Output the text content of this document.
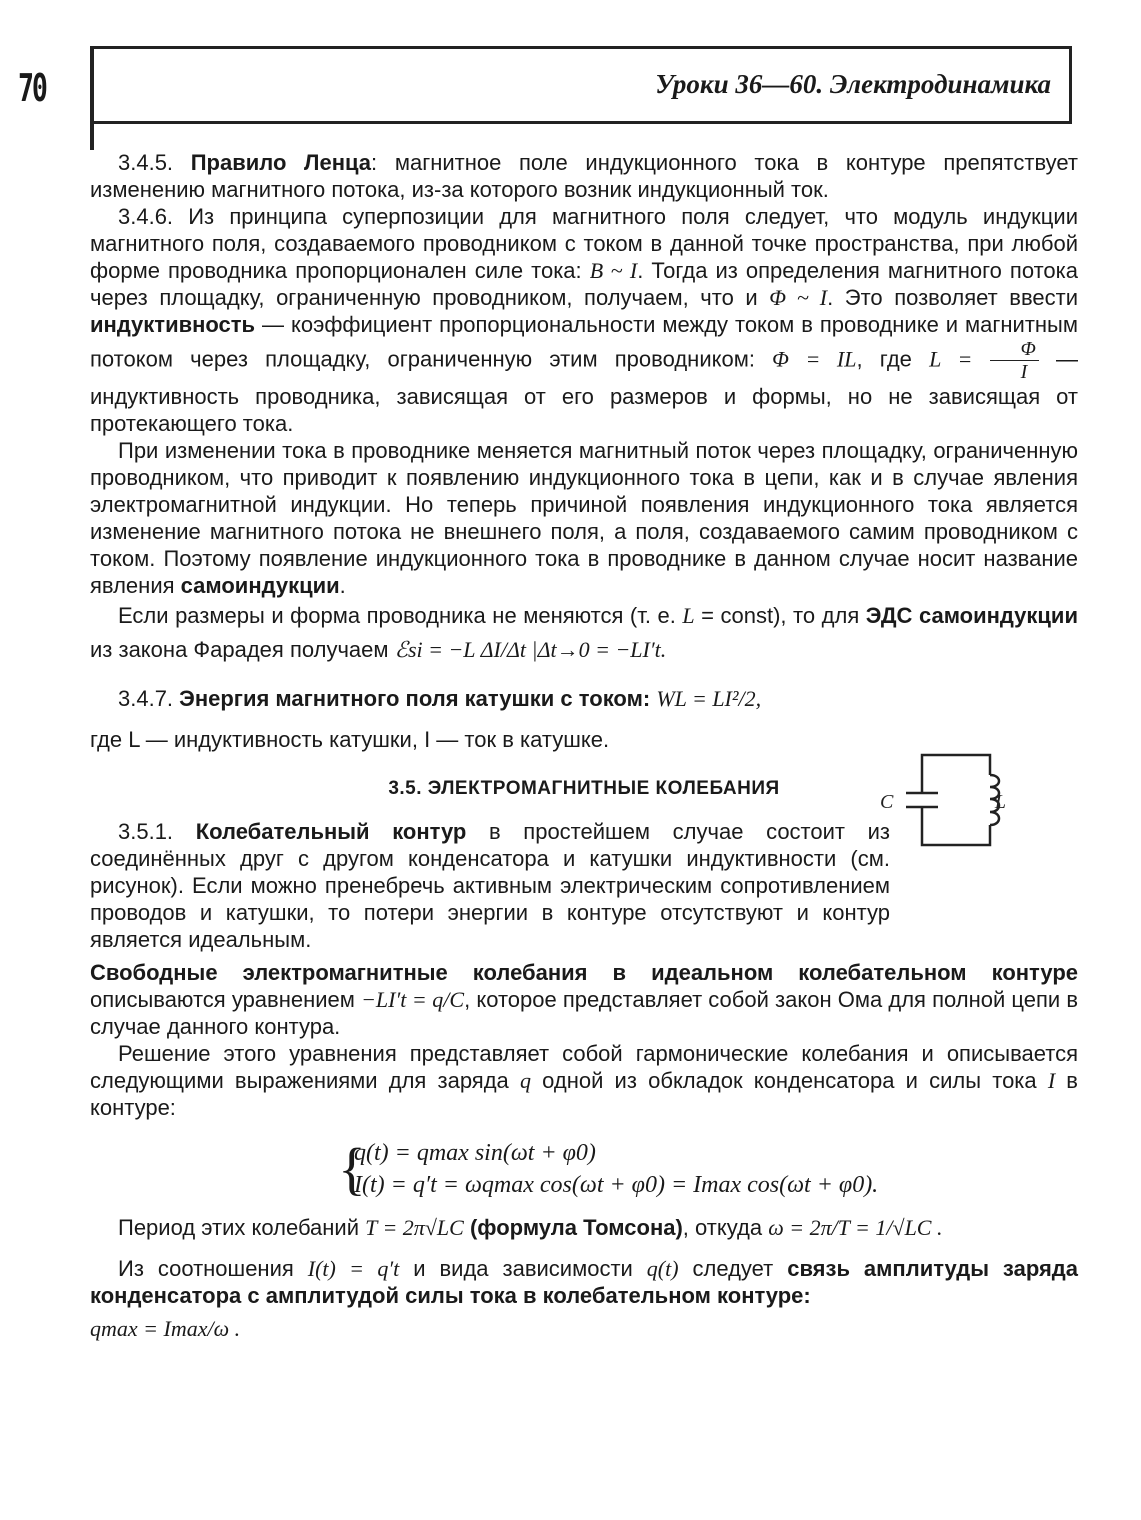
70	Уроки 36—60. Электродинамика

3.4.5. Правило Ленца: магнитное поле индукционного тока в контуре препятствует изменению магнитного потока, из-за которого возник индукционный ток.

3.4.6. Из принципа суперпозиции для магнитного поля следует, что модуль индукции магнитного поля, создаваемого проводником с током в данной точке пространства, при любой форме проводника пропорционален силе тока: B ~ I. Тогда из определения магнитного потока через площадку, ограниченную проводником, получаем, что и Φ ~ I. Это позволяет ввести индуктивность — коэффициент пропорциональности между током в проводнике и магнитным потоком через площадку, ограниченную этим проводником: Φ = IL, где $L = \frac{\Phi}{I}$ — индуктивность проводника, зависящая от его размеров и формы, но не зависящая от протекающего тока.

При изменении тока в проводнике меняется магнитный поток через площадку, ограниченную проводником, что приводит к появлению индукционного тока в цепи, как и в случае явления электромагнитной индукции. Но теперь причиной появления индукционного тока является изменение магнитного потока не внешнего поля, а поля, создаваемого самим проводником с током. Поэтому появление индукционного тока в проводнике в данном случае носит название явления самоиндукции.

Если размеры и форма проводника не меняются (т. е. L = const), то для ЭДС самоиндукции из закона Фарадея получаем ℰsi = −L ΔI/Δt |Δt→0 = −LI′t.

3.4.7. Энергия магнитного поля катушки с током: WL = LI²/2,

где L — индуктивность катушки, I — ток в катушке.

3.5. ЭЛЕКТРОМАГНИТНЫЕ КОЛЕБАНИЯ

3.5.1. Колебательный контур в простейшем случае состоит из соединённых друг с другом конденсатора и катушки индуктивности (см. рисунок). Если можно пренебречь активным электрическим сопротивлением проводов и катушки, то потери энергии в контуре отсутствуют и контур является идеальным.

Свободные электромагнитные колебания в идеальном колебательном контуре описываются уравнением −LI′t = q/C, которое представляет собой закон Ома для полной цепи в случае данного контура.

Решение этого уравнения представляет собой гармонические колебания и описывается следующими выражениями для заряда q одной из обкладок конденсатора и силы тока I в контуре:

{
q(t) = qmax sin(ωt + φ0)
I(t) = q′t = ωqmax cos(ωt + φ0) = Imax cos(ωt + φ0).

Период этих колебаний T = 2π√LC (формула Томсона), откуда ω = 2π/T = 1/√LC .

Из соотношения I(t) = q′t и вида зависимости q(t) следует связь амплитуды заряда конденсатора с амплитудой силы тока в колебательном контуре:

qmax = Imax/ω .

C	L
